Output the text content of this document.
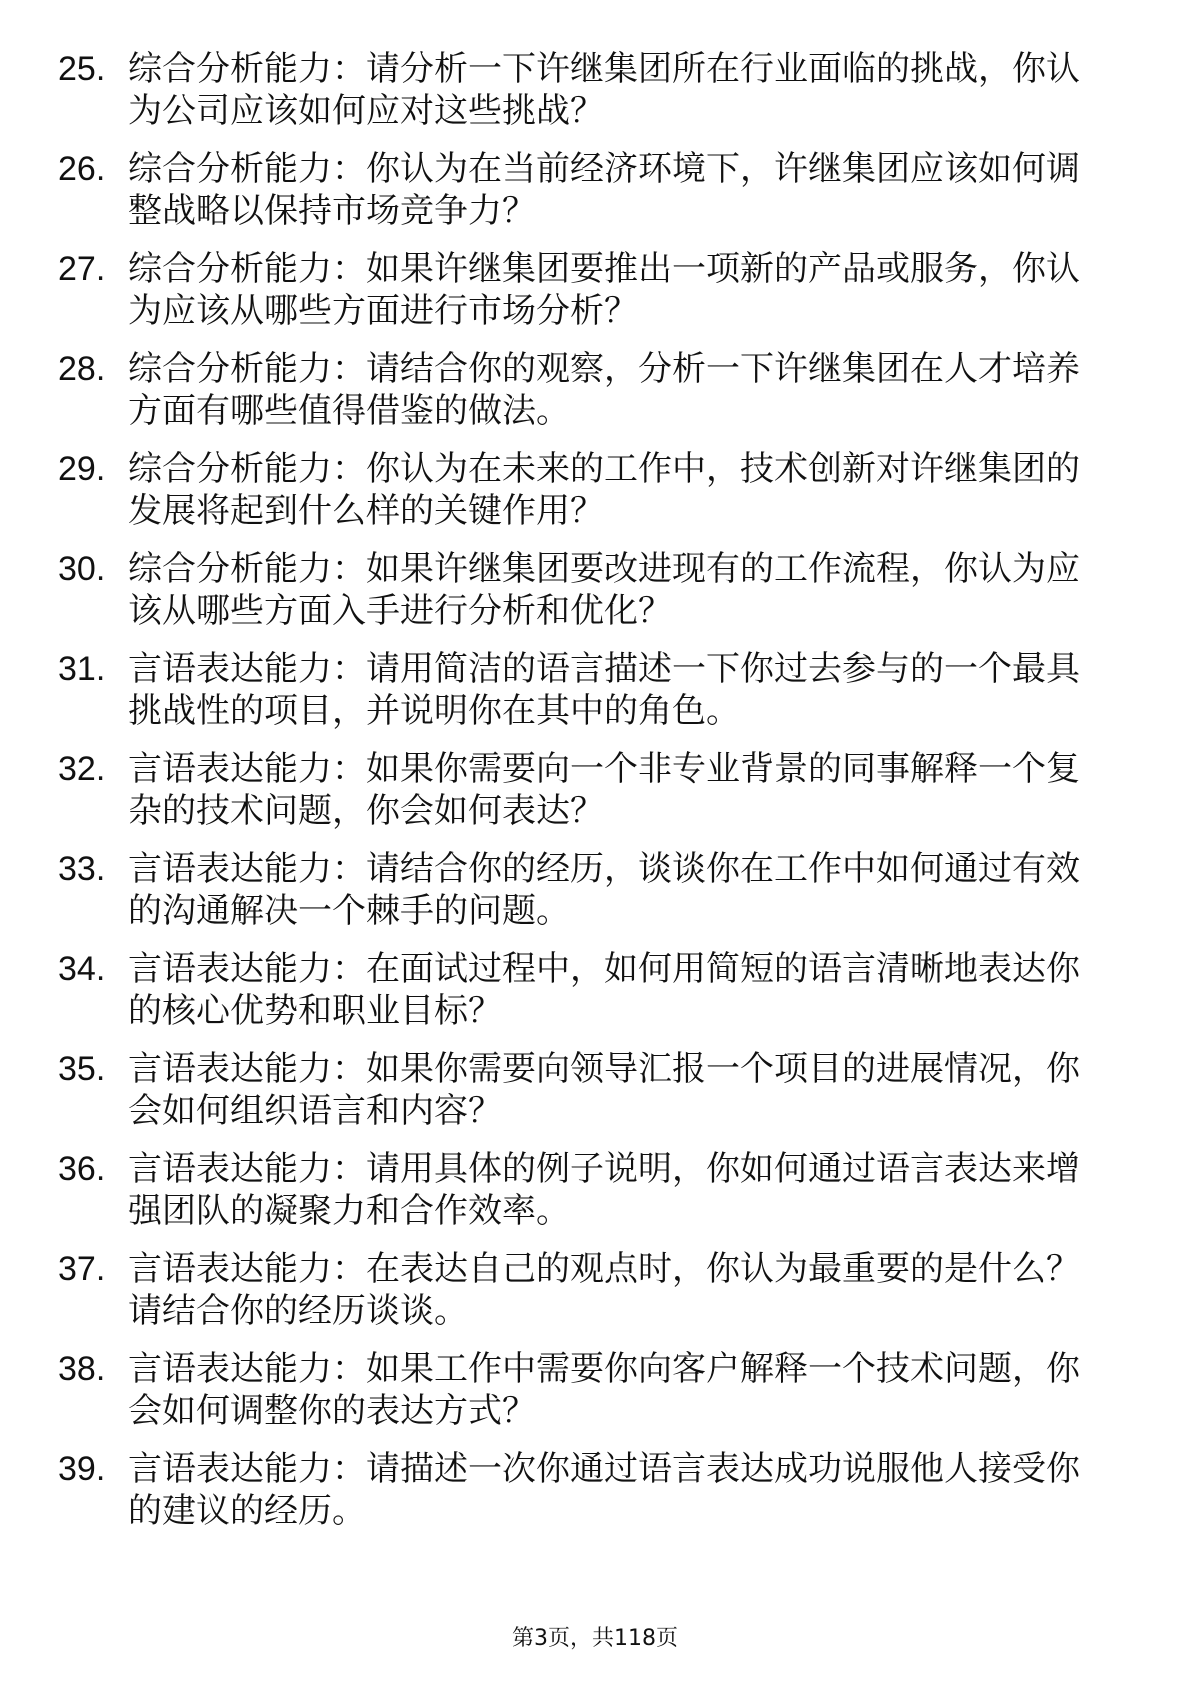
25. 综合分析能力：请分析一下许继集团所在行业面临的挑战，你认为公司应该如何应对这些挑战？
26. 综合分析能力：你认为在当前经济环境下，许继集团应该如何调整战略以保持市场竞争力？
27. 综合分析能力：如果许继集团要推出一项新的产品或服务，你认为应该从哪些方面进行市场分析？
28. 综合分析能力：请结合你的观察，分析一下许继集团在人才培养方面有哪些值得借鉴的做法。
29. 综合分析能力：你认为在未来的工作中，技术创新对许继集团的发展将起到什么样的关键作用？
30. 综合分析能力：如果许继集团要改进现有的工作流程，你认为应该从哪些方面入手进行分析和优化？
31. 言语表达能力：请用简洁的语言描述一下你过去参与的一个最具挑战性的项目，并说明你在其中的角色。
32. 言语表达能力：如果你需要向一个非专业背景的同事解释一个复杂的技术问题，你会如何表达？
33. 言语表达能力：请结合你的经历，谈谈你在工作中如何通过有效的沟通解决一个棘手的问题。
34. 言语表达能力：在面试过程中，如何用简短的语言清晰地表达你的核心优势和职业目标？
35. 言语表达能力：如果你需要向领导汇报一个项目的进展情况，你会如何组织语言和内容？
36. 言语表达能力：请用具体的例子说明，你如何通过语言表达来增强团队的凝聚力和合作效率。
37. 言语表达能力：在表达自己的观点时，你认为最重要的是什么？请结合你的经历谈谈。
38. 言语表达能力：如果工作中需要你向客户解释一个技术问题，你会如何调整你的表达方式？
39. 言语表达能力：请描述一次你通过语言表达成功说服他人接受你的建议的经历。
第3页，共118页
